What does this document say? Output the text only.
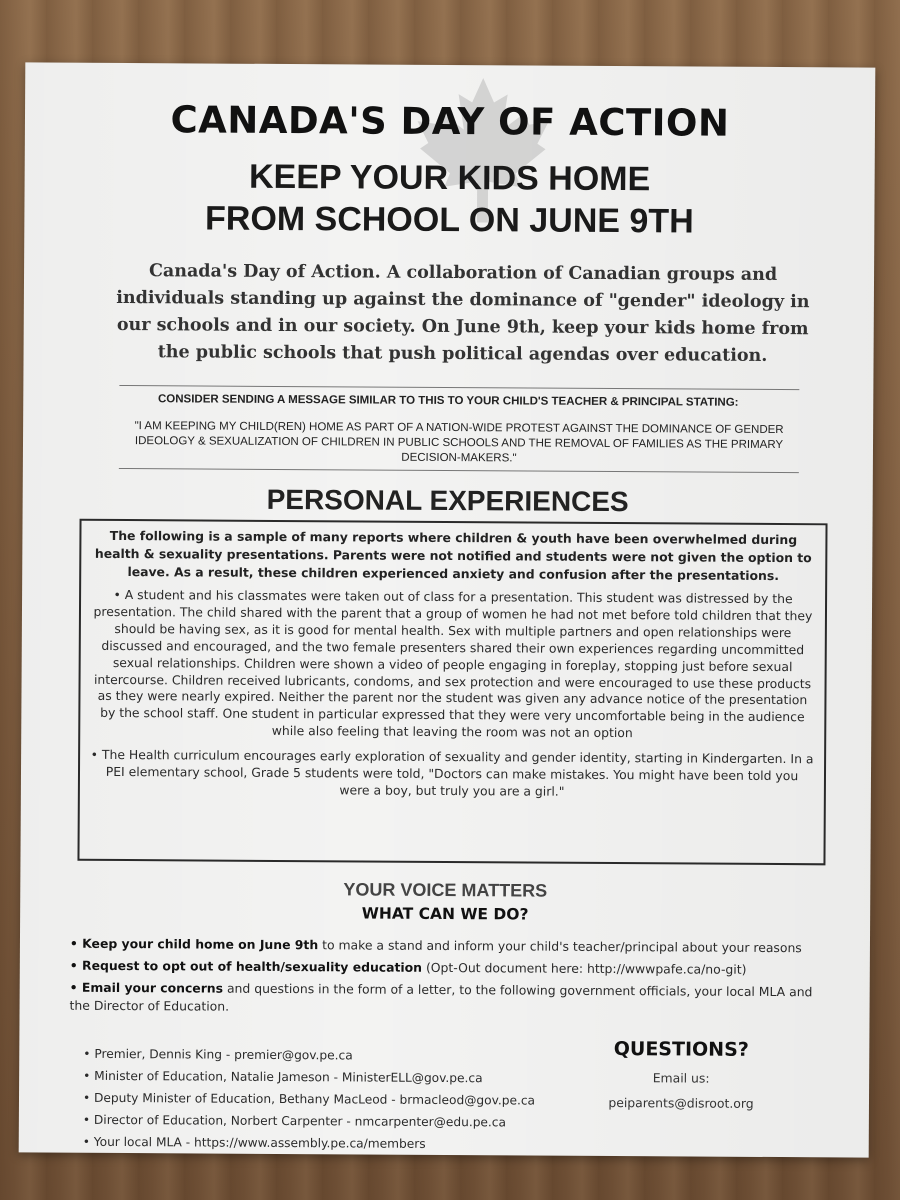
CANADA'S DAY OF ACTION
KEEP YOUR KIDS HOME
FROM SCHOOL ON JUNE 9TH
Canada's Day of Action. A collaboration of Canadian groups and individuals standing up against the dominance of "gender" ideology in our schools and in our society. On June 9th, keep your kids home from the public schools that push political agendas over education.
CONSIDER SENDING A MESSAGE SIMILAR TO THIS TO YOUR CHILD'S TEACHER & PRINCIPAL STATING:
"I AM KEEPING MY CHILD(REN) HOME AS PART OF A NATION-WIDE PROTEST AGAINST THE DOMINANCE OF GENDER IDEOLOGY & SEXUALIZATION OF CHILDREN IN PUBLIC SCHOOLS AND THE REMOVAL OF FAMILIES AS THE PRIMARY DECISION-MAKERS."
PERSONAL EXPERIENCES

The following is a sample of many reports where children & youth have been overwhelmed during health & sexuality presentations. Parents were not notified and students were not given the option to leave. As a result, these children experienced anxiety and confusion after the presentations.

• A student and his classmates were taken out of class for a presentation. This student was distressed by the presentation. The child shared with the parent that a group of women he had not met before told children that they should be having sex, as it is good for mental health. Sex with multiple partners and open relationships were discussed and encouraged, and the two female presenters shared their own experiences regarding uncommitted sexual relationships. Children were shown a video of people engaging in foreplay, stopping just before sexual intercourse. Children received lubricants, condoms, and sex protection and were encouraged to use these products as they were nearly expired. Neither the parent nor the student was given any advance notice of the presentation by the school staff. One student in particular expressed that they were very uncomfortable being in the audience while also feeling that leaving the room was not an option

• The Health curriculum encourages early exploration of sexuality and gender identity, starting in Kindergarten. In a PEI elementary school, Grade 5 students were told, "Doctors can make mistakes. You might have been told you were a boy, but truly you are a girl."

YOUR VOICE MATTERS
WHAT CAN WE DO?

• Keep your child home on June 9th to make a stand and inform your child's teacher/principal about your reasons

• Request to opt out of health/sexuality education (Opt-Out document here: http://wwwpafe.ca/no-git)

• Email your concerns and questions in the form of a letter, to the following government officials, your local MLA and the Director of Education.

• Premier, Dennis King - premier@gov.pe.ca
• Minister of Education, Natalie Jameson - MinisterELL@gov.pe.ca
• Deputy Minister of Education, Bethany MacLeod - brmacleod@gov.pe.ca
• Director of Education, Norbert Carpenter - nmcarpenter@edu.pe.ca
• Your local MLA - https://www.assembly.pe.ca/members
QUESTIONS?
Email us:
peiparents@disroot.org
